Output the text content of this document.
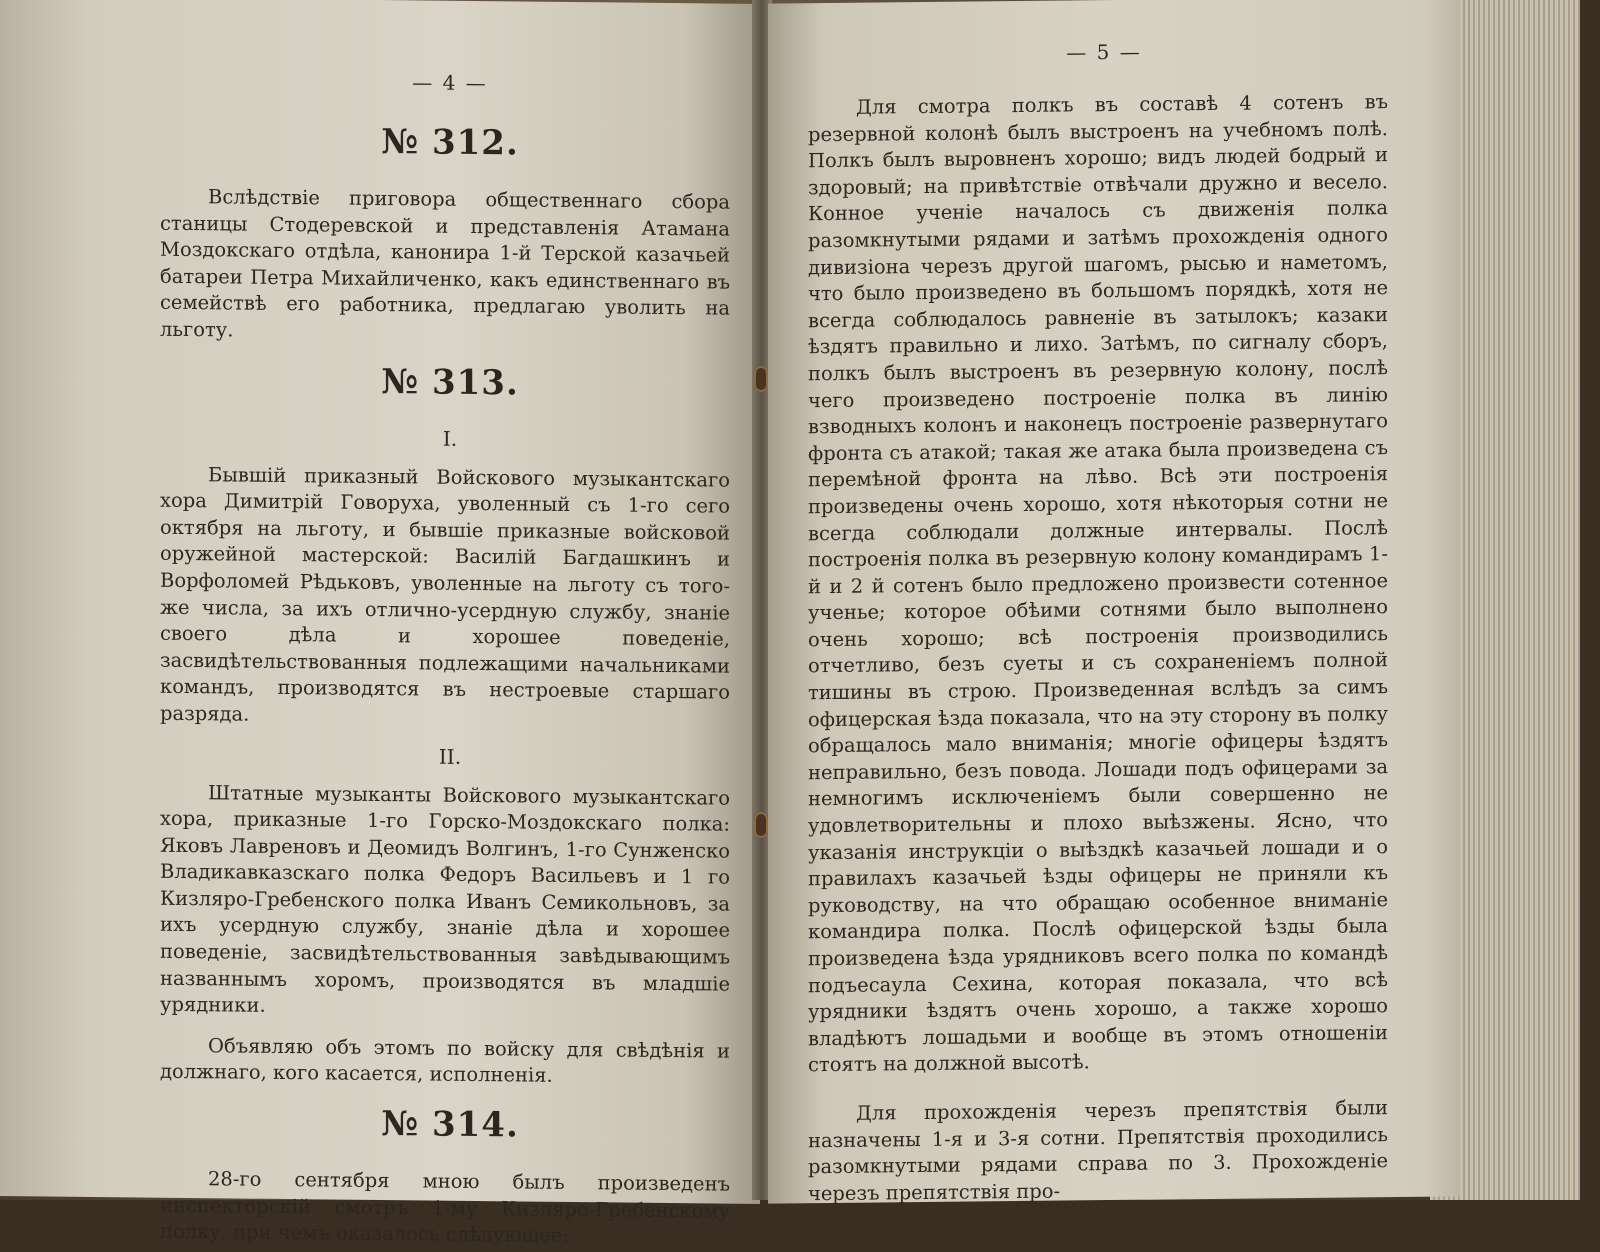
— 4 —
№ 312.

Вслѣдствіе приговора общественнаго сбора станицы Стодеревской и представленія Атамана Моздокскаго отдѣла, канонира 1-й Терской казачьей батареи Петра Михайличенко, какъ единственнаго въ семействѣ его работника, предлагаю уволить на льготу.

№ 313.
I.

Бывшій приказный Войскового музыкантскаго хора Димитрій Говоруха, уволенный съ 1-го сего октября на льготу, и бывшіе приказные войсковой оружейной мастерской: Василій Багдашкинъ и Ворфоломей Рѣдьковъ, уволенные на льготу съ того-же числа, за ихъ отлично-усердную службу, знаніе своего дѣла и хорошее поведеніе, засвидѣтельствованныя подлежащими начальниками командъ, производятся въ нестроевые старшаго разряда.

II.

Штатные музыканты Войскового музыкантскаго хора, приказные 1-го Горско-Моздокскаго полка: Яковъ Лавреновъ и Деомидъ Волгинъ, 1-го Сунженско Владикавказскаго полка Федоръ Васильевъ и 1 го Кизляро-Гребенского полка Иванъ Семикольновъ, за ихъ усердную службу, знаніе дѣла и хорошее поведеніе, засвидѣтельствованныя завѣдывающимъ названнымъ хоромъ, производятся въ младшіе урядники.

Объявляю объ этомъ по войску для свѣдѣнія и должнаго, кого касается, исполненія.

№ 314.

28-го сентября мною былъ произведенъ инспекторскій смотръ 1-му Кизляро-Гребенскому полку, при чемъ оказалось слѣдующее:

— 5 —

Для смотра полкъ въ составѣ 4 сотенъ въ резервной колонѣ былъ выстроенъ на учебномъ полѣ. Полкъ былъ выровненъ хорошо; видъ людей бодрый и здоровый; на привѣтствіе отвѣчали дружно и весело. Конное ученіе началось съ движенія полка разомкнутыми рядами и затѣмъ прохожденія одного дивизіона черезъ другой шагомъ, рысью и наметомъ, что было произведено въ большомъ порядкѣ, хотя не всегда соблюдалось равненіе въ затылокъ; казаки ѣздятъ правильно и лихо. Затѣмъ, по сигналу сборъ, полкъ былъ выстроенъ въ резервную колону, послѣ чего произведено построеніе полка въ линію взводныхъ колонъ и наконецъ построеніе развернутаго фронта съ атакой; такая же атака была произведена съ перемѣной фронта на лѣво. Всѣ эти построенія произведены очень хорошо, хотя нѣкоторыя сотни не всегда соблюдали должные интервалы. Послѣ построенія полка въ резервную колону командирамъ 1-й и 2 й сотенъ было предложено произвести сотенное ученье; которое обѣими сотнями было выполнено очень хорошо; всѣ построенія производились отчетливо, безъ суеты и съ сохраненіемъ полной тишины въ строю. Произведенная вслѣдъ за симъ офицерская ѣзда показала, что на эту сторону въ полку обращалось мало вниманія; многіе офицеры ѣздятъ неправильно, безъ повода. Лошади подъ офицерами за немногимъ исключеніемъ были совершенно не удовлетворительны и плохо выѣзжены. Ясно, что указанія инструкціи о выѣздкѣ казачьей лошади и о правилахъ казачьей ѣзды офицеры не приняли къ руководству, на что обращаю особенное вниманіе командира полка. Послѣ офицерской ѣзды была произведена ѣзда урядниковъ всего полка по командѣ подъесаула Сехина, которая показала, что всѣ урядники ѣздятъ очень хорошо, а также хорошо владѣютъ лошадьми и вообще въ этомъ отношеніи стоятъ на должной высотѣ.

Для прохожденія черезъ препятствія были назначены 1-я и 3-я сотни. Препятствія проходились разомкнутыми рядами справа по 3. Прохожденіе черезъ препятствія про-
